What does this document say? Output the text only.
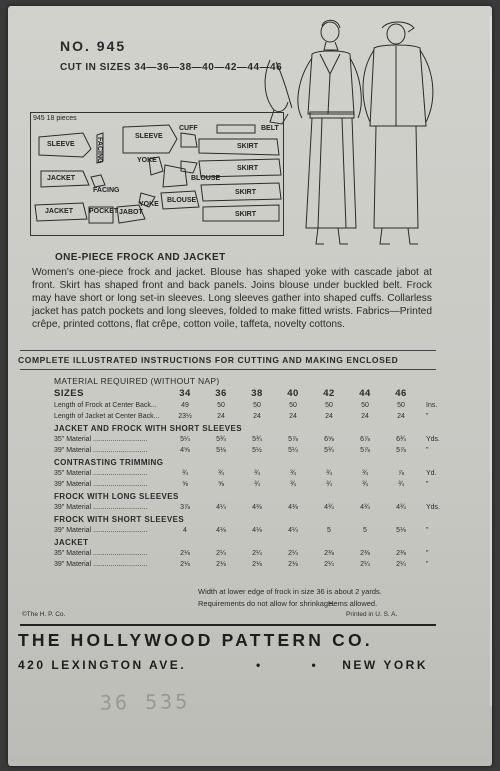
NO. 945
CUT IN SIZES 34—36—38—40—42—44—46
945 18 pieces
SLEEVE	FACING
SLEEVE
CUFF	BELT
SKIRT
YOKE
SKIRT
BLOUSE
JACKET
FACING
JACKET POCKET JABOT
YOKE
BLOUSE
SKIRT
SKIRT
ONE-PIECE FROCK AND JACKET
Women's one-piece frock and jacket. Blouse has shaped yoke with cascade jabot at front. Skirt has shaped front and back panels. Joins blouse under buckled belt. Frock may have short or long set-in sleeves. Long sleeves gather into shaped cuffs. Collarless jacket has patch pockets and long sleeves, folded to make fitted wrists. Fabrics—Printed crêpe, printed cottons, flat crêpe, cotton voile, taffeta, novelty cottons.
COMPLETE ILLUSTRATED INSTRUCTIONS FOR CUTTING AND MAKING ENCLOSED
MATERIAL REQUIRED (WITHOUT NAP)
SIZES	34	36	38	40	42	44	46
Length of Frock at Center Back...	49	50	50	50	50	50	50	Ins.
Length of Jacket at Center Back...	23½	24	24	24	24	24	24	"
JACKET AND FROCK WITH SHORT SLEEVES
35" Material ............................	5¼	5¾	5¾	5⅞	6⅝	6⅞	6¾	Yds.
39" Material ............................	4⅝	5⅛	5½	5¼	5¾	5⅞	5⅞	"
CONTRASTING TRIMMING
35" Material ............................	¾	¾	¾	¾	¾	¾	⅞	Yd.
39" Material ............................	⅝	⅝	¾	¾	¾	¾	¾	"
FROCK WITH LONG SLEEVES
39" Material ............................	3⅞	4¼	4⅜	4⅜	4¾	4¾	4¾	Yds.
FROCK WITH SHORT SLEEVES
39" Material ............................	4	4⅛	4⅛	4¼	5	5	5⅛	"
JACKET
35" Material ............................	2⅛	2¼	2¼	2¼	2⅜	2⅜	2⅜	"
39" Material ............................	2⅛	2⅛	2⅛	2⅛	2¼	2¼	2¼	"
Width at lower edge of frock in size 36 is about 2 yards.
Requirements do not allow for shrinkage.
Hems allowed.
©The H. P. Co.	Printed in U. S. A.
THE HOLLYWOOD PATTERN CO.
420 LEXINGTON AVE.	• • NEW YORK
36 535
